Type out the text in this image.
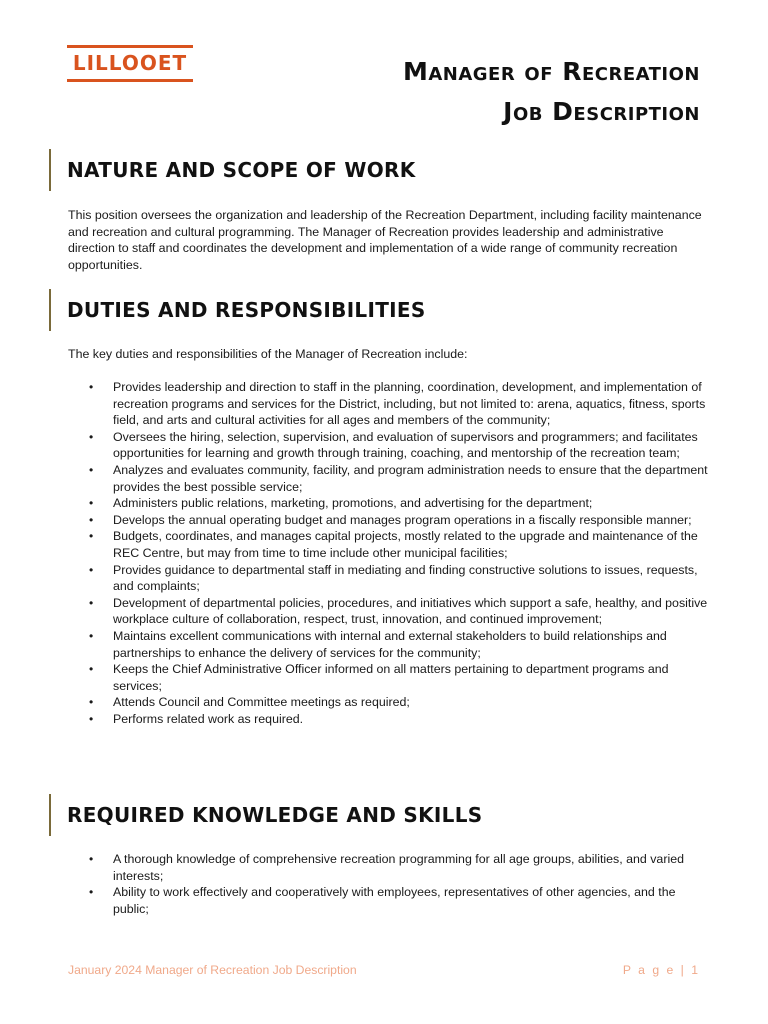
LILLOOET	Manager of Recreation
Job Description
NATURE AND SCOPE OF WORK
This position oversees the organization and leadership of the Recreation Department, including facility maintenance and recreation and cultural programming. The Manager of Recreation provides leadership and administrative direction to staff and coordinates the development and implementation of a wide range of community recreation opportunities.
DUTIES AND RESPONSIBILITIES
The key duties and responsibilities of the Manager of Recreation include:
• Provides leadership and direction to staff in the planning, coordination, development, and implementation of recreation programs and services for the District, including, but not limited to: arena, aquatics, fitness, sports field, and arts and cultural activities for all ages and members of the community;
• Oversees the hiring, selection, supervision, and evaluation of supervisors and programmers; and facilitates opportunities for learning and growth through training, coaching, and mentorship of the recreation team;
• Analyzes and evaluates community, facility, and program administration needs to ensure that the department provides the best possible service;
• Administers public relations, marketing, promotions, and advertising for the department;
• Develops the annual operating budget and manages program operations in a fiscally responsible manner;
• Budgets, coordinates, and manages capital projects, mostly related to the upgrade and maintenance of the REC Centre, but may from time to time include other municipal facilities;
• Provides guidance to departmental staff in mediating and finding constructive solutions to issues, requests, and complaints;
• Development of departmental policies, procedures, and initiatives which support a safe, healthy, and positive workplace culture of collaboration, respect, trust, innovation, and continued improvement;
• Maintains excellent communications with internal and external stakeholders to build relationships and partnerships to enhance the delivery of services for the community;
• Keeps the Chief Administrative Officer informed on all matters pertaining to department programs and services;
• Attends Council and Committee meetings as required;
• Performs related work as required.
REQUIRED KNOWLEDGE AND SKILLS
• A thorough knowledge of comprehensive recreation programming for all age groups, abilities, and varied interests;
• Ability to work effectively and cooperatively with employees, representatives of other agencies, and the public;
January 2024 Manager of Recreation Job Description	P a g e | 1
